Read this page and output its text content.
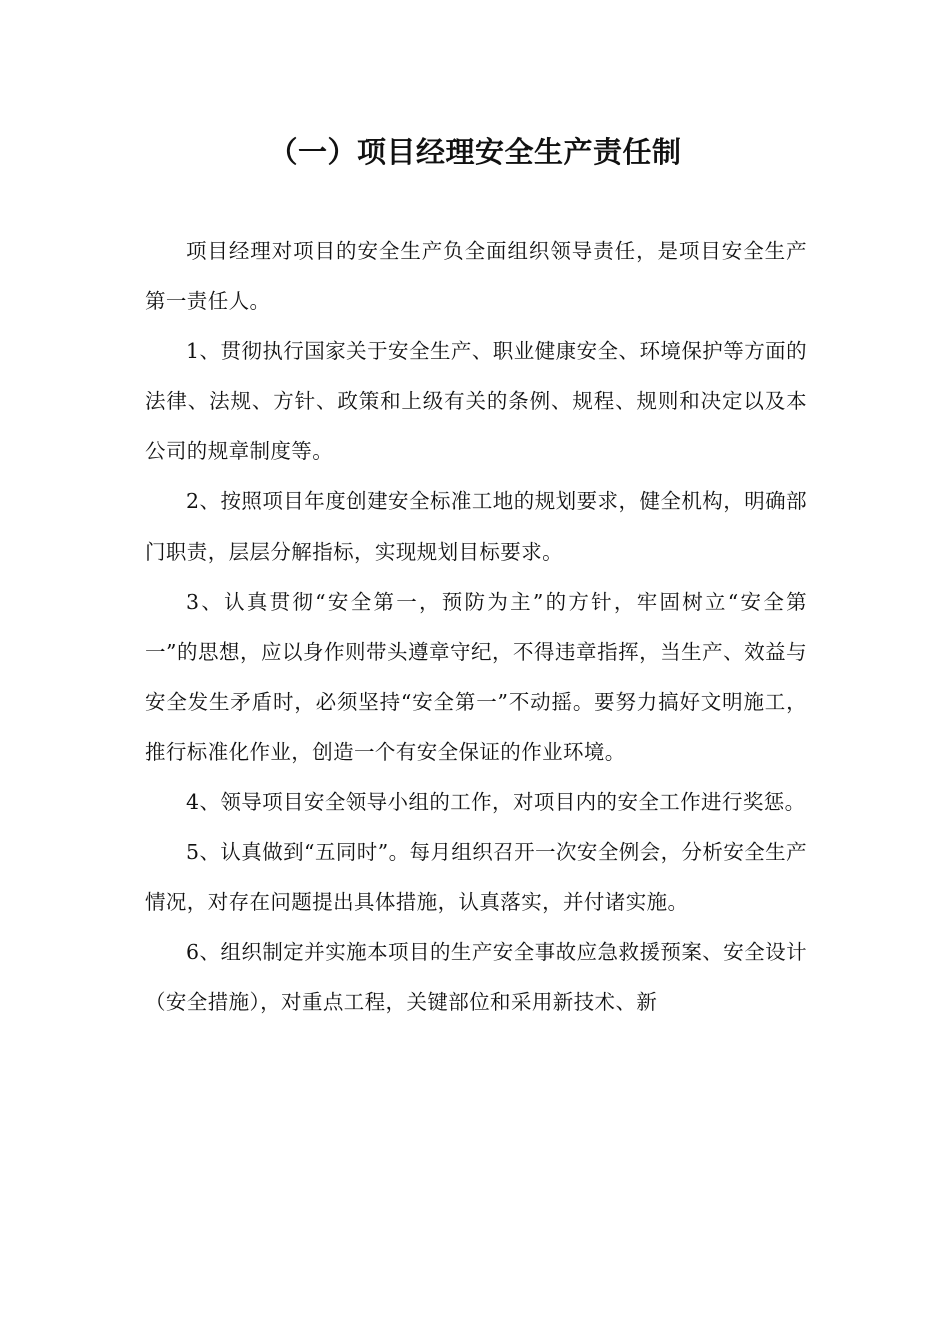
（一）项目经理安全生产责任制

项目经理对项目的安全生产负全面组织领导责任，是项目安全生产第一责任人。

1、贯彻执行国家关于安全生产、职业健康安全、环境保护等方面的法律、法规、方针、政策和上级有关的条例、规程、规则和决定以及本公司的规章制度等。

2、按照项目年度创建安全标准工地的规划要求，健全机构，明确部门职责，层层分解指标，实现规划目标要求。

3、认真贯彻“安全第一，预防为主”的方针，牢固树立“安全第一”的思想，应以身作则带头遵章守纪，不得违章指挥，当生产、效益与安全发生矛盾时，必须坚持“安全第一”不动摇。要努力搞好文明施工，推行标准化作业，创造一个有安全保证的作业环境。

4、领导项目安全领导小组的工作，对项目内的安全工作进行奖惩。

5、认真做到“五同时”。每月组织召开一次安全例会，分析安全生产情况，对存在问题提出具体措施，认真落实，并付诸实施。

6、组织制定并实施本项目的生产安全事故应急救援预案、安全设计（安全措施），对重点工程，关键部位和采用新技术、新
